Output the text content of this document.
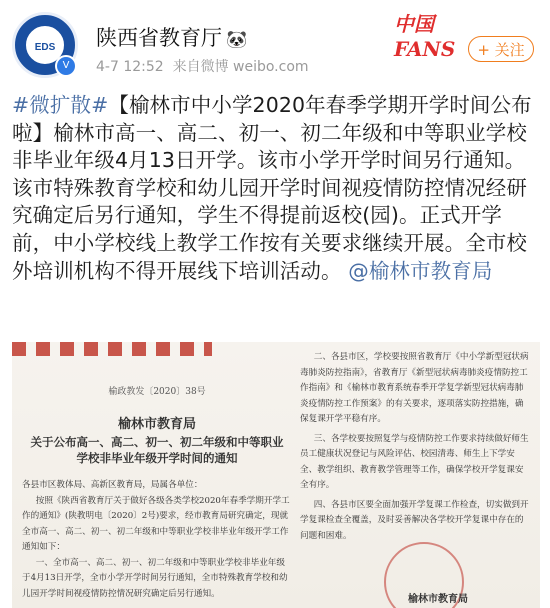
EDS
V
陕西省教育厅 🐼
4-7 12:52 来自微博 weibo.com
中国FANS	+ 关注
#微扩散#【榆林市中小学2020年春季学期开学时间公布啦】榆林市高一、高二、初一、初二年级和中等职业学校非毕业年级4月13日开学。该市小学开学时间另行通知。该市特殊教育学校和幼儿园开学时间视疫情防控情况经研究确定后另行通知，学生不得提前返校(园)。正式开学前，中小学校线上教学工作按有关要求继续开展。全市校外培训机构不得开展线下培训活动。 @榆林市教育局
榆政教发〔2020〕38号
榆林市教育局
关于公布高一、高二、初一、初二年级和中等职业学校非毕业年级开学时间的通知

各县市区教体局、高新区教育局，局属各单位：

按照《陕西省教育厅关于做好各级各类学校2020年春季学期开学工作的通知》(陕教明电〔2020〕2号)要求，经市教育局研究确定，现就全市高一、高二、初一、初二年级和中等职业学校非毕业年级开学工作通知如下：

一、全市高一、高二、初一、初二年级和中等职业学校非毕业年级于4月13日开学，全市小学开学时间另行通知，全市特殊教育学校和幼儿园开学时间视疫情防控情况研究确定后另行通知。

二、各县市区，学校要按照省教育厅《中小学新型冠状病毒肺炎防控指南》，省教育厅《新型冠状病毒肺炎疫情防控工作指南》和《榆林市教育系统春季开学复学新型冠状病毒肺炎疫情防控工作预案》的有关要求，逐项落实防控措施，确保复课开学平稳有序。

三、各学校要按照复学与疫情防控工作要求持续做好师生员工健康状况登记与风险评估、校园清毒、师生上下学安全、教学组织、教育教学管理等工作，确保学校开学复课安全有序。

四、各县市区要全面加强开学复课工作检查，切实做到开学复课检查全覆盖，及时妥善解决各学校开学复课中存在的问题和困难。

榆林市教育局
